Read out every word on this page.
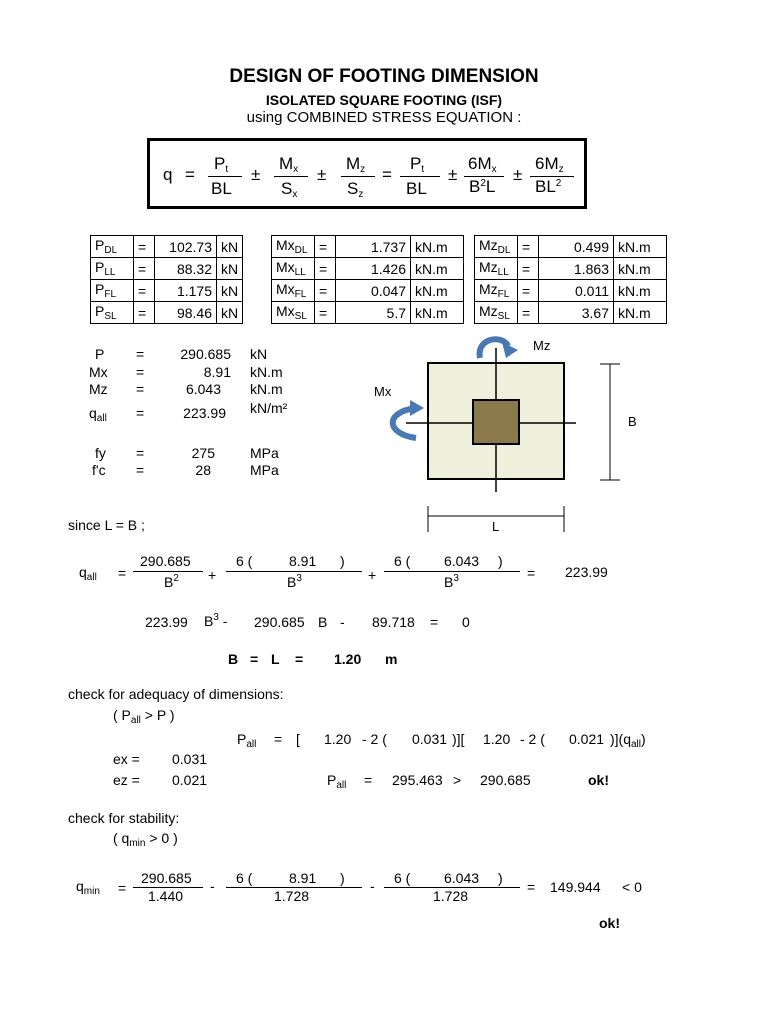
DESIGN OF FOOTING DIMENSION
ISOLATED SQUARE FOOTING (ISF)
using COMBINED STRESS EQUATION :
q =
$P_t$
BL
±
$M_x$
$S_x$
±
$M_z$
$S_z$
=
$P_t$
BL
±
$6M_x$
$B^2L$
±
$6M_z$
$BL^2$
$P_{DL}$	=	102.73	kN
$P_{LL}$	=	88.32	kN
$P_{FL}$	=	1.175	kN
$P_{SL}$	=	98.46	kN
$Mx_{DL}$	=	1.737	kN.m
$Mx_{LL}$	=	1.426	kN.m
$Mx_{FL}$	=	0.047	kN.m
$Mx_{SL}$	=	5.7	kN.m
$Mz_{DL}$	=	0.499	kN.m
$Mz_{LL}$	=	1.863	kN.m
$Mz_{FL}$	=	0.011	kN.m
$Mz_{SL}$	=	3.67	kN.m
P =	290.685 kN
Mx =	8.91 kN.m
Mz =	6.043 kN.m
$q_{all}$ =	223.99 kN/m²
fy =	275	MPa
f'c =	28	MPa
Mz
Mx
B
L
since L = B ;
$q_{all}$ =
290.685
$B^2$ +
6 (	8.91 )
$B^3$	+
6 ( 6.043 )
$B^3$	= 223.99
223.99 $B^3 - 290.685$ B - 89.718 = 0
B = L = 1.20 m
check for adequacy of dimensions:
( $P_{all} > P$ )
$P_{all}$ = [ 1.20 - 2 ( 0.031 )][ 1.20 - 2 ( 0.021 )]$(q_{all})$
ex = 0.031
ez = 0.021	$P_{all} = 295.463 > 290.685$	ok!
check for stability:
( $q_{min} > 0$ )
$q_{min}$ =
290.685
1.440
- 6 (	8.91 )
1.728
- 6 ( 6.043 )
1.728
= 149.944 < 0
ok!
